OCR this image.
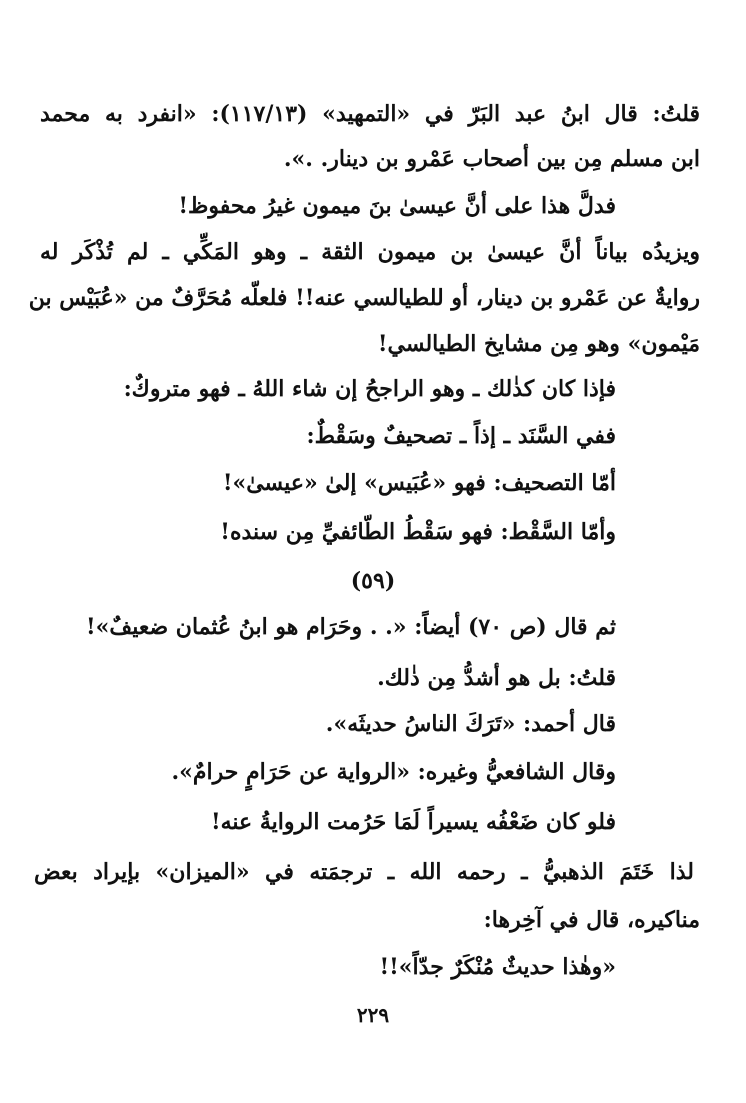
قلتُ: قال ابنُ عبد البَرّ في «التمهيد» (١١٧/١٣): «انفرد به محمد
ابن مسلم مِن بين أصحاب عَمْرو بن دينار. .».
فدلَّ هذا على أنَّ عيسىٰ بنَ ميمون غيرُ محفوظ!
ويزيدُه بياناً أنَّ عيسىٰ بن ميمون الثقة ـ وهو المَكِّي ـ لم تُذْكَر له
روايةٌ عن عَمْرو بن دينار، أو للطيالسي عنه!! فلعلّه مُحَرَّفٌ من «عُبَيْس بن
مَيْمون» وهو مِن مشايخ الطيالسي!
فإذا كان كذٰلك ـ وهو الراجحُ إن شاء اللهُ ـ فهو متروكٌ:
ففي السَّنَد ـ إذاً ـ تصحيفٌ وسَقْطٌ:
أمّا التصحيف: فهو «عُبَيس» إلىٰ «عيسىٰ»!
وأمّا السَّقْط: فهو سَقْطُ الطّائفيِّ مِن سنده!
(٥٩)
ثم قال (ص ٧٠) أيضاً: «. . وحَرَام هو ابنُ عُثمان ضعيفٌ»!
قلتُ: بل هو أشدُّ مِن ذٰلك.
قال أحمد: «تَرَكَ الناسُ حديثَه».
وقال الشافعيُّ وغيره: «الرواية عن حَرَامٍ حرامٌ».
فلو كان ضَعْفُه يسيراً لَمَا حَرُمت الروايةُ عنه!
لذا خَتَمَ الذهبيُّ ـ رحمه الله ـ ترجمَته في «الميزان» بإيراد بعض
مناكيره، قال في آخِرها:
«وهٰذا حديثٌ مُنْكَرٌ جدّاً»!!
٢٢٩
